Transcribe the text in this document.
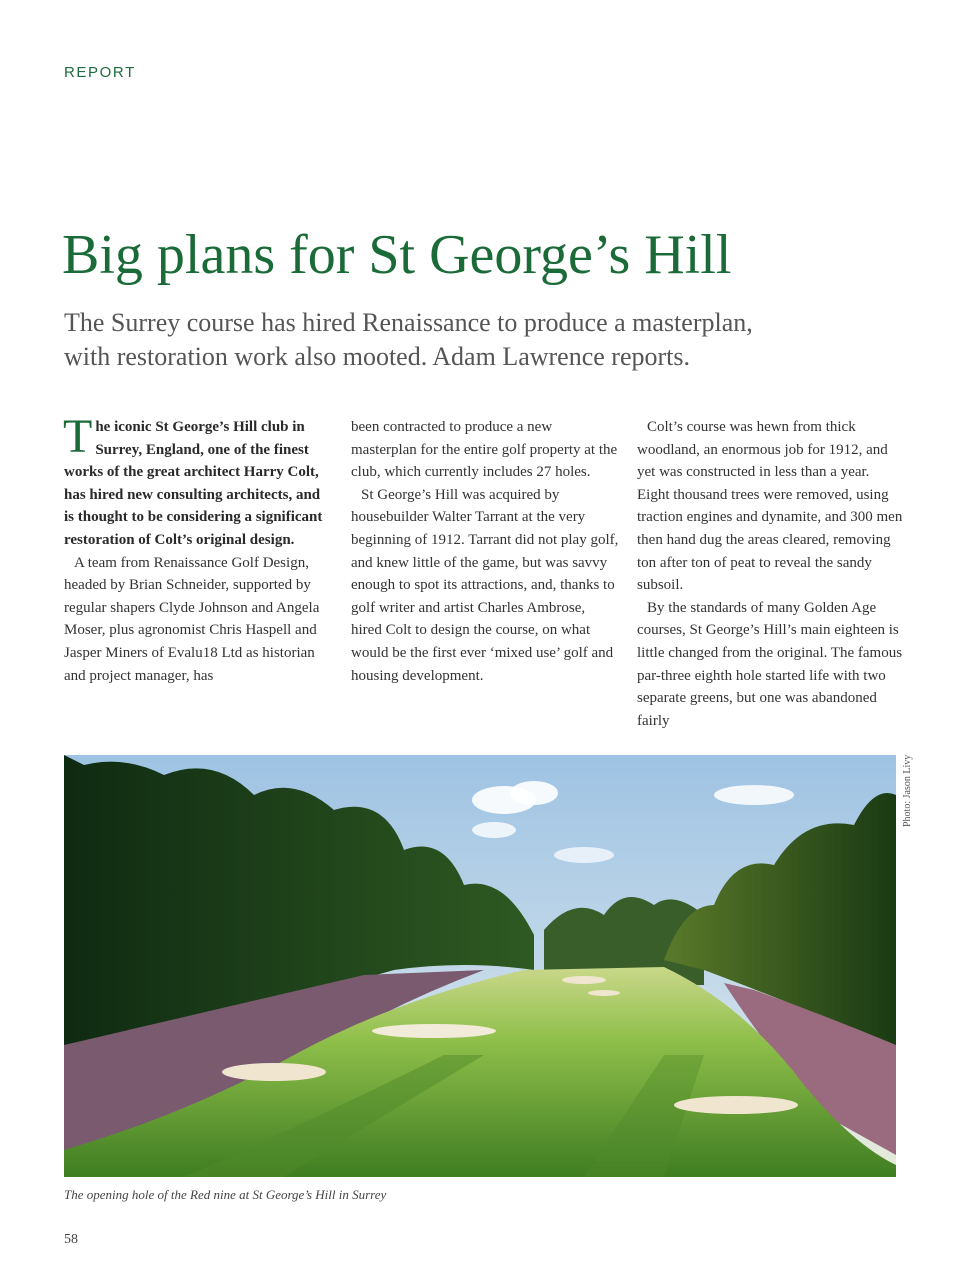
REPORT
Big plans for St George’s Hill

The Surrey course has hired Renaissance to produce a masterplan,
with restoration work also mooted. Adam Lawrence reports.

The iconic St George’s Hill club in Surrey, England, one of the finest works of the great architect Harry Colt, has hired new consulting architects, and is thought to be considering a significant restoration of Colt’s original design.

A team from Renaissance Golf Design, headed by Brian Schneider, supported by regular shapers Clyde Johnson and Angela Moser, plus agronomist Chris Haspell and Jasper Miners of Evalu18 Ltd as historian and project manager, has

been contracted to produce a new masterplan for the entire golf property at the club, which currently includes 27 holes.

St George’s Hill was acquired by housebuilder Walter Tarrant at the very beginning of 1912. Tarrant did not play golf, and knew little of the game, but was savvy enough to spot its attractions, and, thanks to golf writer and artist Charles Ambrose, hired Colt to design the course, on what would be the first ever ‘mixed use’ golf and housing development.

Colt’s course was hewn from thick woodland, an enormous job for 1912, and yet was constructed in less than a year. Eight thousand trees were removed, using traction engines and dynamite, and 300 men then hand dug the areas cleared, removing ton after ton of peat to reveal the sandy subsoil.

By the standards of many Golden Age courses, St George’s Hill’s main eighteen is little changed from the original. The famous par-three eighth hole started life with two separate greens, but one was abandoned fairly

Photo: Jason Livy
The opening hole of the Red nine at St George’s Hill in Surrey
58
